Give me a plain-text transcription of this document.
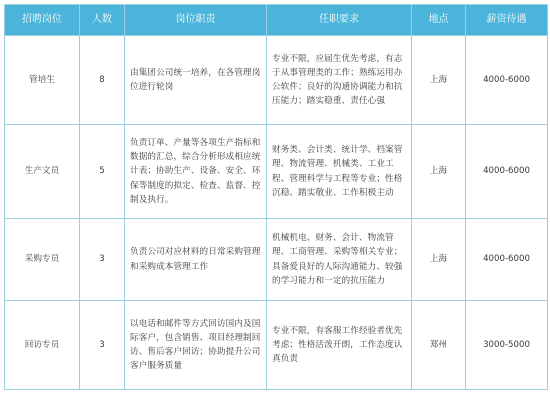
招聘岗位	人数	岗位职责	任职要求	地点	薪资待遇
管培生	8	由集团公司统一培养，在各管理岗位进行轮岗	专业不限，应届生优先考虑，有志于从事管理类的工作；熟练运用办公软件；良好的沟通协调能力和抗压能力；踏实稳重、责任心强	上海	4000-6000
生产文员	5	负责订单、产量等各项生产指标和数据的汇总，综合分析形成相应统计表；协助生产、设备、安全、环保等制度的拟定、检查、监督、控制及执行。	财务类、会计类、统计学、档案管理、物流管理、机械类、工业工程、管理科学与工程等专业；性格沉稳、踏实敬业、工作积极主动	上海	4000-6000
采购专员	3	负责公司对应材料的日常采购管理和采购成本管理工作	机械机电、财务、会计、物流管理、工商管理、采购等相关专业；具备爱良好的人际沟通能力、较强的学习能力和一定的抗压能力	上海	4000-6000
回访专员	3	以电话和邮件等方式回访国内及国际客户，包含销售、项目经理制回访、售后客户回访；协助提升公司客户服务质量	专业不限，有客服工作经验者优先考虑；性格活泼开朗，工作态度认真负责	郑州	3000-5000
